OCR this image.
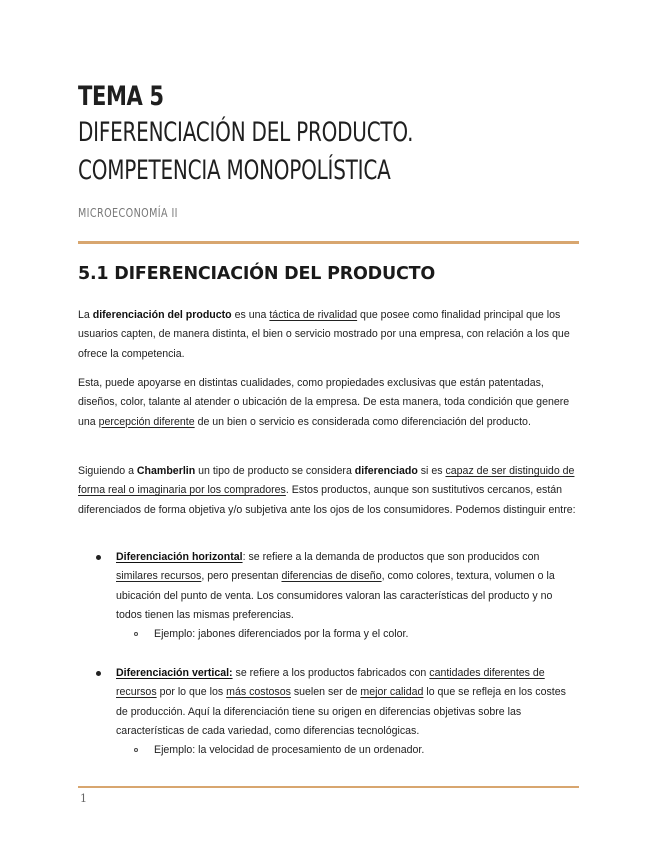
TEMA 5
DIFERENCIACIÓN DEL PRODUCTO.
COMPETENCIA MONOPOLÍSTICA
MICROECONOMÍA II
5.1 DIFERENCIACIÓN DEL PRODUCTO

La diferenciación del producto es una táctica de rivalidad que posee como finalidad principal que los usuarios capten, de manera distinta, el bien o servicio mostrado por una empresa, con relación a los que ofrece la competencia.

Esta, puede apoyarse en distintas cualidades, como propiedades exclusivas que están patentadas, diseños, color, talante al atender o ubicación de la empresa. De esta manera, toda condición que genere una percepción diferente de un bien o servicio es considerada como diferenciación del producto.

Siguiendo a Chamberlin un tipo de producto se considera diferenciado si es capaz de ser distinguido de forma real o imaginaria por los compradores. Estos productos, aunque son sustitutivos cercanos, están diferenciados de forma objetiva y/o subjetiva ante los ojos de los consumidores. Podemos distinguir entre:

Diferenciación horizontal: se refiere a la demanda de productos que son producidos con similares recursos, pero presentan diferencias de diseño, como colores, textura, volumen o la ubicación del punto de venta. Los consumidores valoran las características del producto y no todos tienen las mismas preferencias.
Ejemplo: jabones diferenciados por la forma y el color.
Diferenciación vertical: se refiere a los productos fabricados con cantidades diferentes de recursos por lo que los más costosos suelen ser de mejor calidad lo que se refleja en los costes de producción. Aquí la diferenciación tiene su origen en diferencias objetivas sobre las características de cada variedad, como diferencias tecnológicas.
Ejemplo: la velocidad de procesamiento de un ordenador.
1
